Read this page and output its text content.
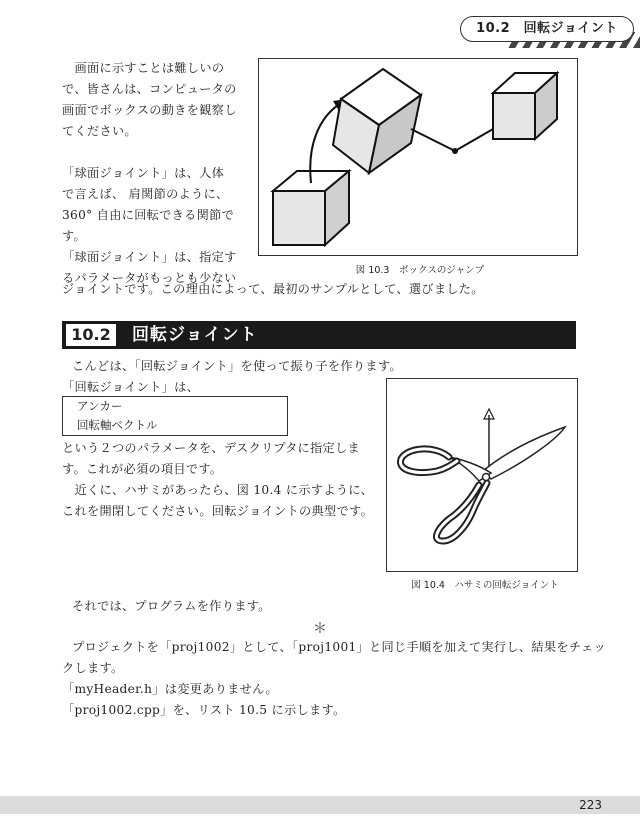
10.2　回転ジョイント

　画面に示すことは難しいの

で、皆さんは、コンピュータの

画面でボックスの動きを観察し

てください。

「球面ジョイント」は、人体

で言えば、 肩関節のように、

360° 自由に回転できる関節で

す。

「球面ジョイント」は、指定す

るパラメータがもっとも少ない

ジョイントです。この理由によって、最初のサンプルとして、選びました。

図 10.3　ボックスのジャンプ
10.2	回転ジョイント

こんどは、「回転ジョイント」を使って振り子を作ります。

「回転ジョイント」は、

アンカー
回転軸ベクトル

という２つのパラメータを、デスクリプタに指定しま

す。これが必須の項目です。

　近くに、ハサミがあったら、図 10.4 に示すように、

これを開閉してください。回転ジョイントの典型です。

図 10.4　ハサミの回転ジョイント

それでは、プログラムを作ります。

＊

プロジェクトを「proj1002」として、「proj1001」と同じ手順を加えて実行し、結果をチェッ

クします。

「myHeader.h」は変更ありません。

「proj1002.cpp」を、リスト 10.5 に示します。

223
